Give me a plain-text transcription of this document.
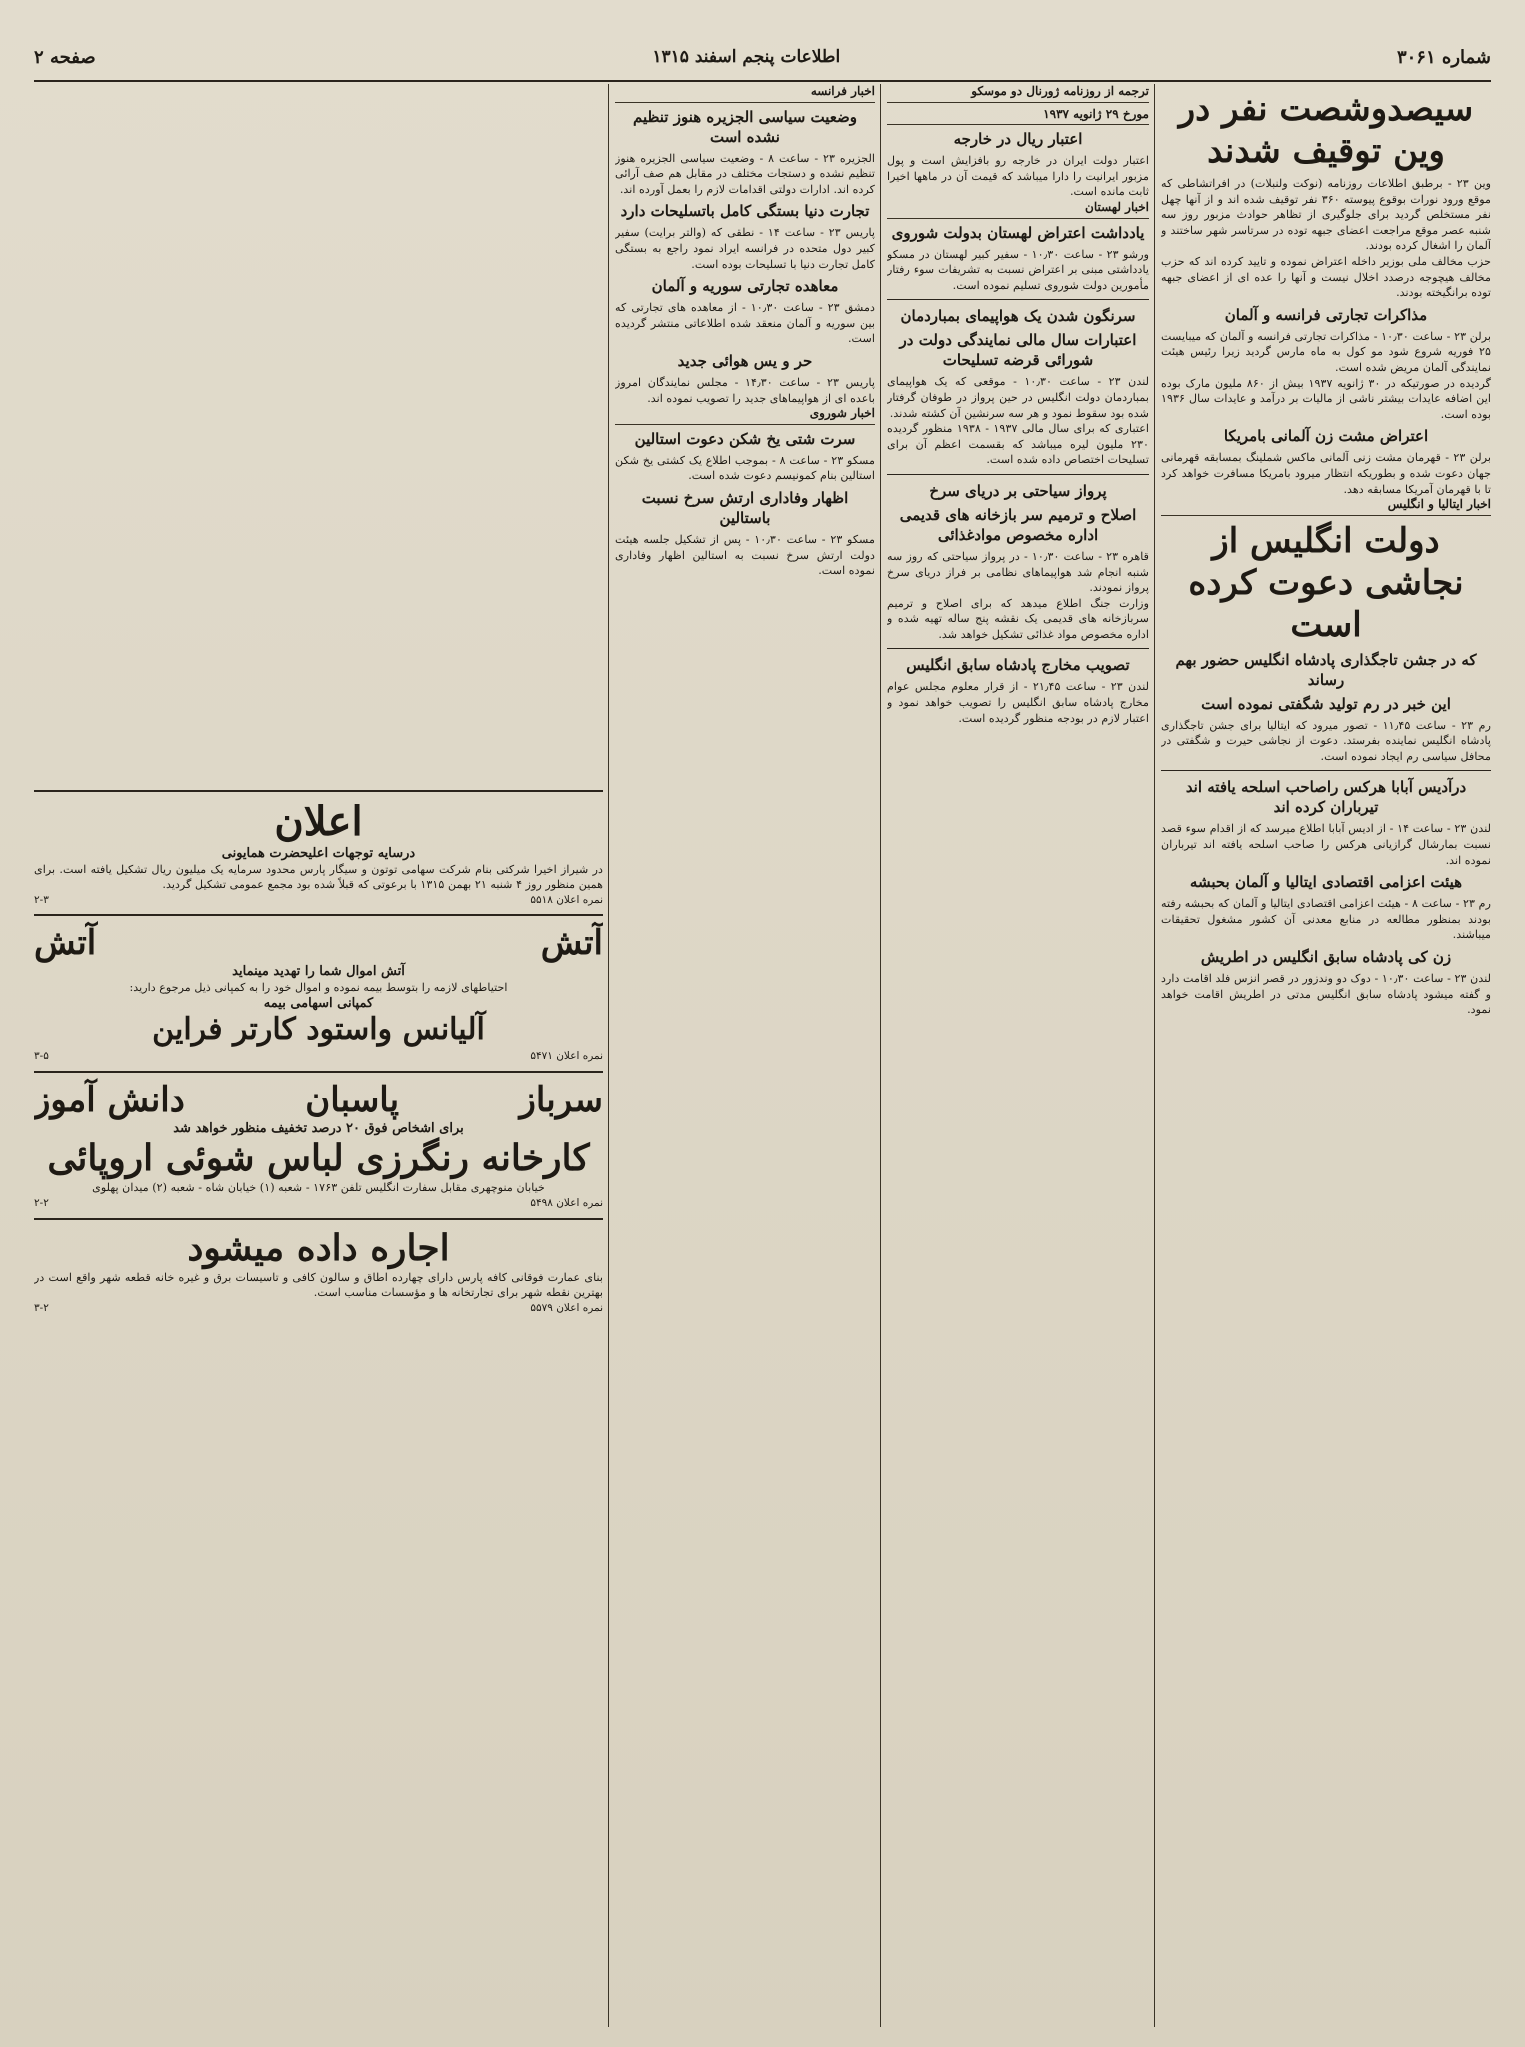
شماره ۳۰۶۱
اطلاعات پنجم اسفند ۱۳۱۵
صفحه ۲
سیصدوشصت نفر در وین توقیف شدند

وین ۲۳ - برطبق اطلاعات روزنامه (نوکت ولنبلات) در افراتشاطی که موقع ورود نورات بوقوع پیوسته ۳۶۰ نفر توقیف شده اند و از آنها چهل نفر مستخلص گردید برای جلوگیری از تظاهر حوادث مزبور روز سه شنبه عصر موقع مراجعت اعضای جبهه توده در سرتاسر شهر ساختند و آلمان را اشغال کرده بودند.

حزب مخالف ملی بوزیر داخله اعتراض نموده و تایید کرده اند که حزب مخالف هیچوجه درصدد اخلال نیست و آنها را عده ای از اعضای جبهه توده برانگیخته بودند.

مذاکرات تجارتی فرانسه و آلمان

برلن ۲۳ - ساعت ۱۰٫۳۰ - مذاکرات تجارتی فرانسه و آلمان که میبایست ۲۵ فوریه شروع شود مو کول به ماه مارس گردید زیرا رئیس هیئت نمایندگی آلمان مریض شده است.

گردیده در صورتیکه در ۳۰ ژانویه ۱۹۳۷ بیش از ۸۶۰ ملیون مارک بوده این اضافه عایدات بیشتر ناشی از مالیات بر درآمد و عایدات سال ۱۹۳۶ بوده است.

اعتراض مشت زن آلمانی بامریکا

برلن ۲۳ - قهرمان مشت زنی آلمانی ماکس شملینگ بمسابقه قهرمانی جهان دعوت شده و بطوریکه انتظار میرود بامریکا مسافرت خواهد کرد تا با قهرمان آمریکا مسابقه دهد.

اخبار ایتالیا و انگلیس
دولت انگلیس از نجاشی دعوت کرده است
که در جشن تاجگذاری پادشاه انگلیس حضور بهم رساند
این خبر در رم تولید شگفتی نموده است

رم ۲۳ - ساعت ۱۱٫۴۵ - تصور میرود که ایتالیا برای جشن تاجگذاری پادشاه انگلیس نماینده بفرستد. دعوت از نجاشی حیرت و شگفتی در محافل سیاسی رم ایجاد نموده است.

درآدیس آبابا هرکس راصاحب اسلحه یافته اند تیرباران کرده اند

لندن ۲۳ - ساعت ۱۴ - از ادیس آبابا اطلاع میرسد که از اقدام سوء قصد نسبت بمارشال گرازیانی هرکس را صاحب اسلحه یافته اند تیرباران نموده اند.

هیئت اعزامی اقتصادی ایتالیا و آلمان بحبشه

رم ۲۳ - ساعت ۸ - هیئت اعزامی اقتصادی ایتالیا و آلمان که بحبشه رفته بودند بمنظور مطالعه در منابع معدنی آن کشور مشغول تحقیقات میباشند.

زن کی پادشاه سابق انگلیس در اطریش

لندن ۲۳ - ساعت ۱۰٫۳۰ - دوک دو وندزور در قصر انزس فلد اقامت دارد و گفته میشود پادشاه سابق انگلیس مدتی در اطریش اقامت خواهد نمود.

ترجمه از روزنامه ژورنال دو موسکو
مورخ ۲۹ ژانویه ۱۹۳۷
اعتبار ریال در خارجه

اعتبار دولت ایران در خارجه رو بافزایش است و پول مزبور ایرانیت را دارا میباشد که قیمت آن در ماهها اخیرا ثابت مانده است.

اخبار لهستان
یادداشت اعتراض لهستان بدولت شوروی

ورشو ۲۳ - ساعت ۱۰٫۳۰ - سفیر کبیر لهستان در مسکو یادداشتی مبنی بر اعتراض نسبت به تشریفات سوء رفتار مأمورین دولت شوروی تسلیم نموده است.

سرنگون شدن یک هواپیمای بمباردمان
اعتبارات سال مالی نمایندگی دولت در شورائی قرضه تسلیحات

لندن ۲۳ - ساعت ۱۰٫۳۰ - موقعی که یک هواپیمای بمباردمان دولت انگلیس در حین پرواز در طوفان گرفتار شده بود سقوط نمود و هر سه سرنشین آن کشته شدند.

اعتباری که برای سال مالی ۱۹۳۷ - ۱۹۳۸ منظور گردیده ۲۳۰ ملیون لیره میباشد که بقسمت اعظم آن برای تسلیحات اختصاص داده شده است.

پرواز سیاحتی بر دریای سرخ
اصلاح و ترمیم سر بازخانه های قدیمی اداره مخصوص موادغذائی

قاهره ۲۳ - ساعت ۱۰٫۳۰ - در پرواز سیاحتی که روز سه شنبه انجام شد هواپیماهای نظامی بر فراز دریای سرخ پرواز نمودند.

وزارت جنگ اطلاع میدهد که برای اصلاح و ترمیم سربازخانه های قدیمی یک نقشه پنج ساله تهیه شده و اداره مخصوص مواد غذائی تشکیل خواهد شد.

تصویب مخارج پادشاه سابق انگلیس

لندن ۲۳ - ساعت ۲۱٫۴۵ - از قرار معلوم مجلس عوام مخارج پادشاه سابق انگلیس را تصویب خواهد نمود و اعتبار لازم در بودجه منظور گردیده است.

اخبار فرانسه
وضعیت سیاسی الجزیره هنوز تنظیم نشده است

الجزیره ۲۳ - ساعت ۸ - وضعیت سیاسی الجزیره هنوز تنظیم نشده و دستجات مختلف در مقابل هم صف آرائی کرده اند. ادارات دولتی اقدامات لازم را بعمل آورده اند.

تجارت دنیا بستگی کامل باتسلیحات دارد

پاریس ۲۳ - ساعت ۱۴ - نطقی که (والتر برایت) سفیر کبیر دول متحده در فرانسه ایراد نمود راجع به بستگی کامل تجارت دنیا با تسلیحات بوده است.

معاهده تجارتی سوریه و آلمان

دمشق ۲۳ - ساعت ۱۰٫۳۰ - از معاهده های تجارتی که بین سوریه و آلمان منعقد شده اطلاعاتی منتشر گردیده است.

حر و یس هوائی جدید

پاریس ۲۳ - ساعت ۱۴٫۳۰ - مجلس نمایندگان امروز باعده ای از هواپیماهای جدید را تصویب نموده اند.

اخبار شوروی
سرت شتی یخ شکن دعوت استالین

مسکو ۲۳ - ساعت ۸ - بموجب اطلاع یک کشتی یخ شکن استالین بنام کمونیسم دعوت شده است.

اظهار وفاداری ارتش سرخ نسبت باستالین

مسکو ۲۳ - ساعت ۱۰٫۳۰ - پس از تشکیل جلسه هیئت دولت ارتش سرخ نسبت به استالین اظهار وفاداری نموده است.

اعلان
درسایه توجهات اعلیحضرت همایونی

در شیراز اخیرا شرکتی بنام شرکت سهامی توتون و سیگار پارس محدود سرمایه یک میلیون ریال تشکیل یافته است. برای همین منظور روز ۴ شنبه ۲۱ بهمن ۱۳۱۵ با برعوتی که قبلاً شده بود مجمع عمومی تشکیل گردید.

نمره اعلان ۵۵۱۸
۲-۳
آتش
آتش
آتش اموال شما را تهدید مینماید

احتیاطهای لازمه را بتوسط بیمه نموده و اموال خود را به کمپانی ذیل مرجوع دارید:

کمپانی اسهامی بیمه
آلیانس واستود کارتر فراین
نمره اعلان ۵۴۷۱
۳-۵
سرباز
پاسبان
دانش آموز
برای اشخاص فوق ۲۰ درصد تخفیف منظور خواهد شد
کارخانه رنگرزی لباس شوئی اروپائی

خیابان منوچهری مقابل سفارت انگلیس تلفن ۱۷۶۳ - شعبه (۱) خیابان شاه - شعبه (۲) میدان پهلوی

نمره اعلان ۵۴۹۸
۲-۲
اجاره داده میشود

بنای عمارت فوقانی کافه پارس دارای چهارده اطاق و سالون کافی و تاسیسات برق و غیره خانه قطعه شهر واقع است در بهترین نقطه شهر برای تجارتخانه ها و مؤسسات مناسب است.

نمره اعلان ۵۵۷۹
۳-۲
